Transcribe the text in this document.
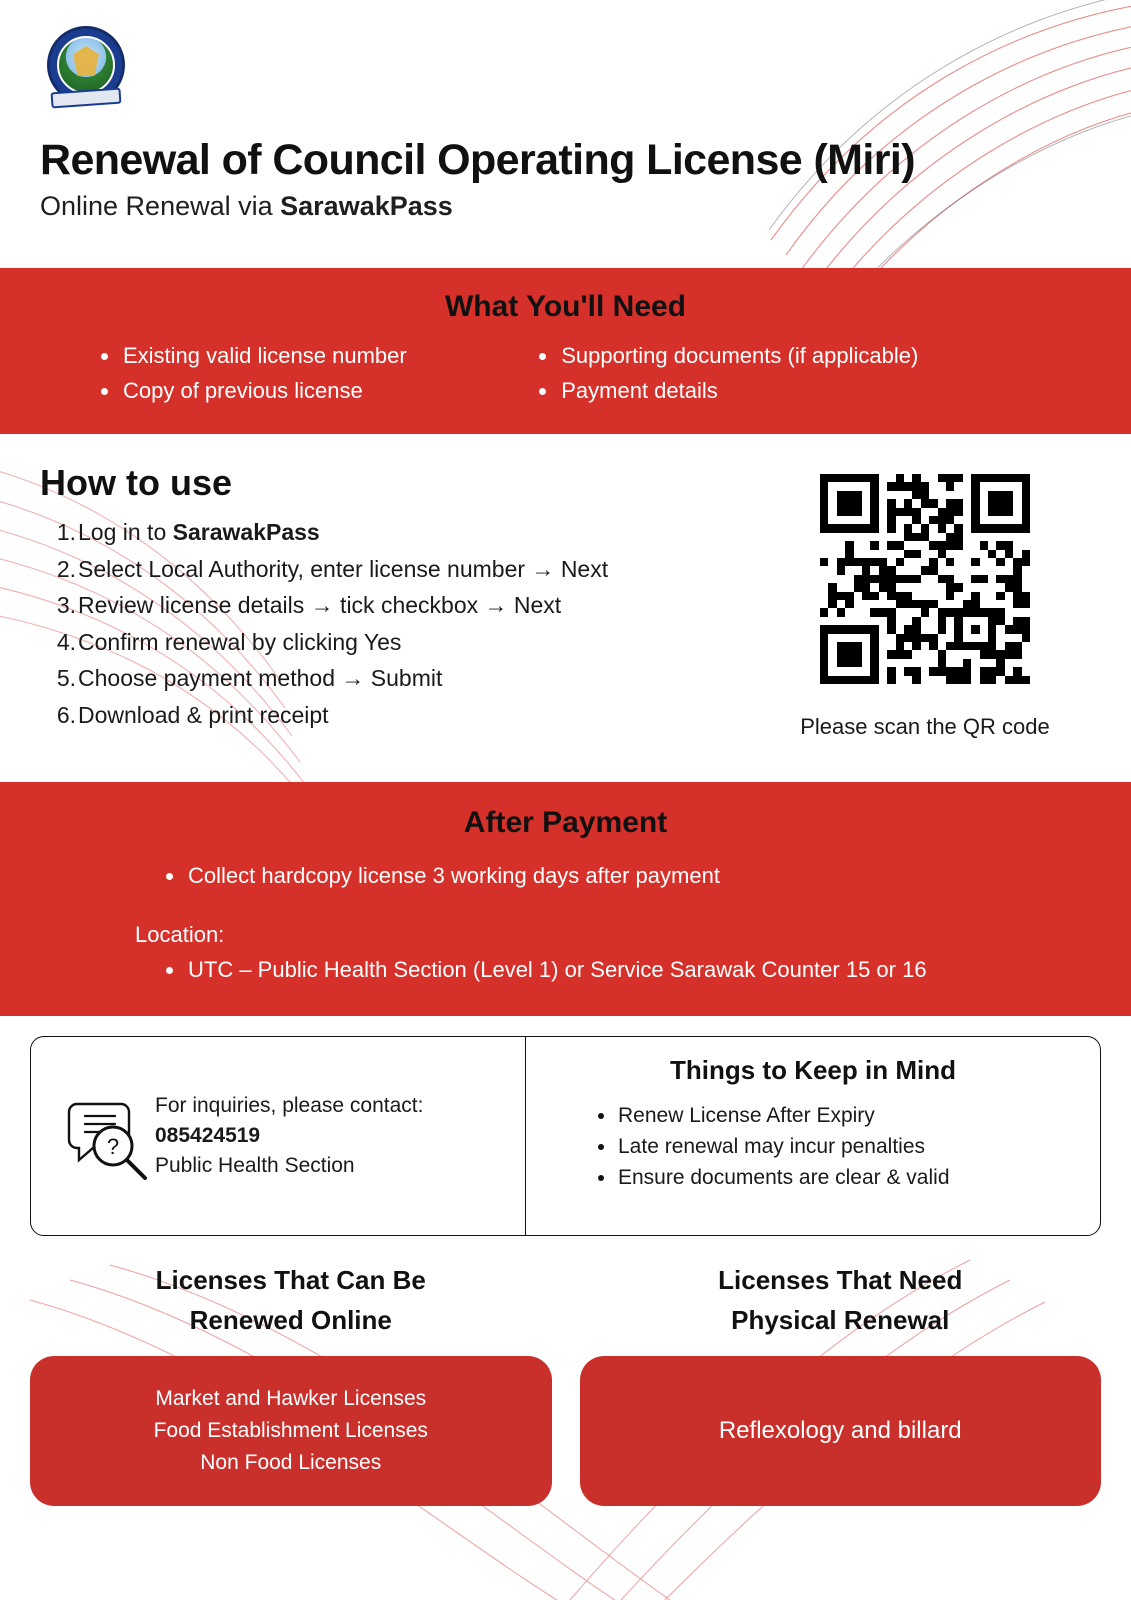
Renewal of Council Operating License (Miri)
Online Renewal via SarawakPass
What You'll Need
Existing valid license number
Copy of previous license
Supporting documents (if applicable)
Payment details
How to use
Log in to SarawakPass
Select Local Authority, enter license number → Next
Review license details → tick checkbox → Next
Confirm renewal by clicking Yes
Choose payment method → Submit
Download & print receipt	Please scan the QR code
After Payment
Collect hardcopy license 3 working days after payment
Location:
UTC – Public Health Section (Level 1) or Service Sarawak Counter 15 or 16
?
For inquiries, please contact:
085424519
Public Health Section
Things to Keep in Mind
Renew License After Expiry
Late renewal may incur penalties
Ensure documents are clear & valid
Licenses That Can Be
Renewed Online
Market and Hawker Licenses
Food Establishment Licenses
Non Food Licenses
Licenses That Need
Physical Renewal
Reflexology and billard
